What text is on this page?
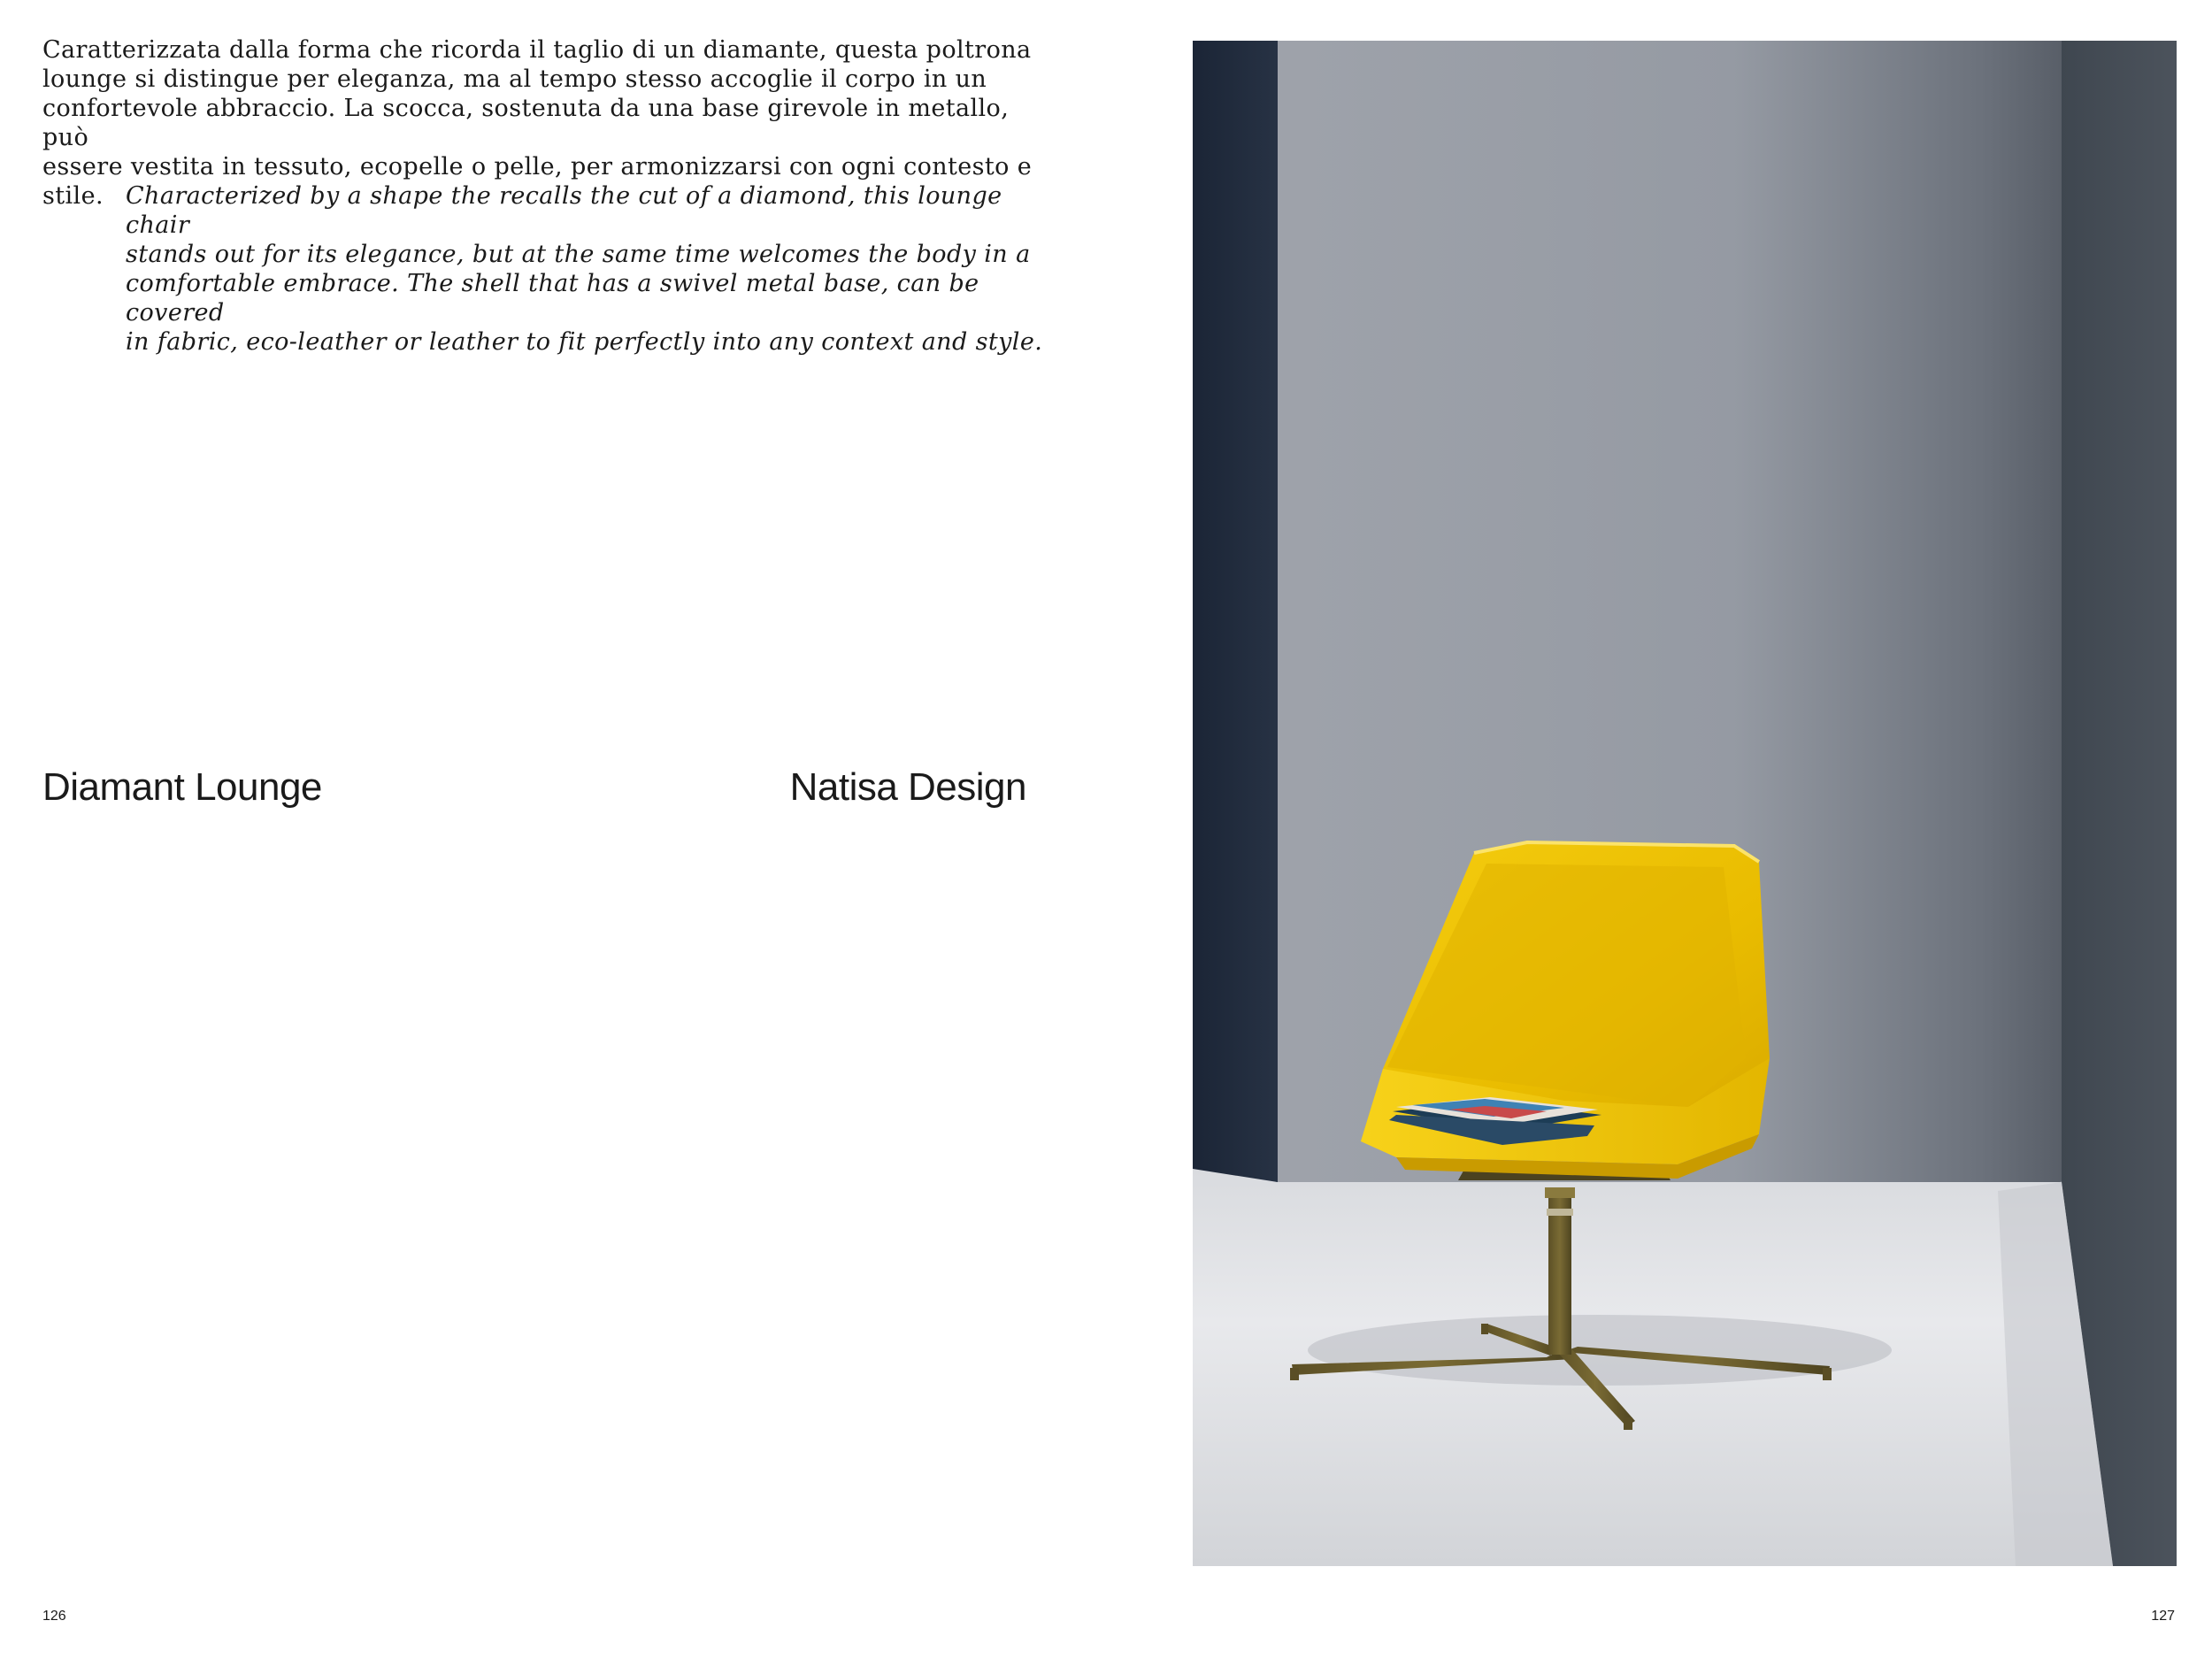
Caratterizzata dalla forma che ricorda il taglio di un diamante, questa poltrona
lounge si distingue per eleganza, ma al tempo stesso accoglie il corpo in un
confortevole abbraccio. La scocca, sostenuta da una base girevole in metallo, può
essere vestita in tessuto, ecopelle o pelle, per armonizzarsi con ogni contesto e stile. Characterized by a shape the recalls the cut of a diamond, this lounge chair
stands out for its elegance, but at the same time welcomes the body in a
comfortable embrace. The shell that has a swivel metal base, can be covered
in fabric, eco-leather or leather to fit perfectly into any context and style.

Diamant Lounge	Natisa Design
126	127
